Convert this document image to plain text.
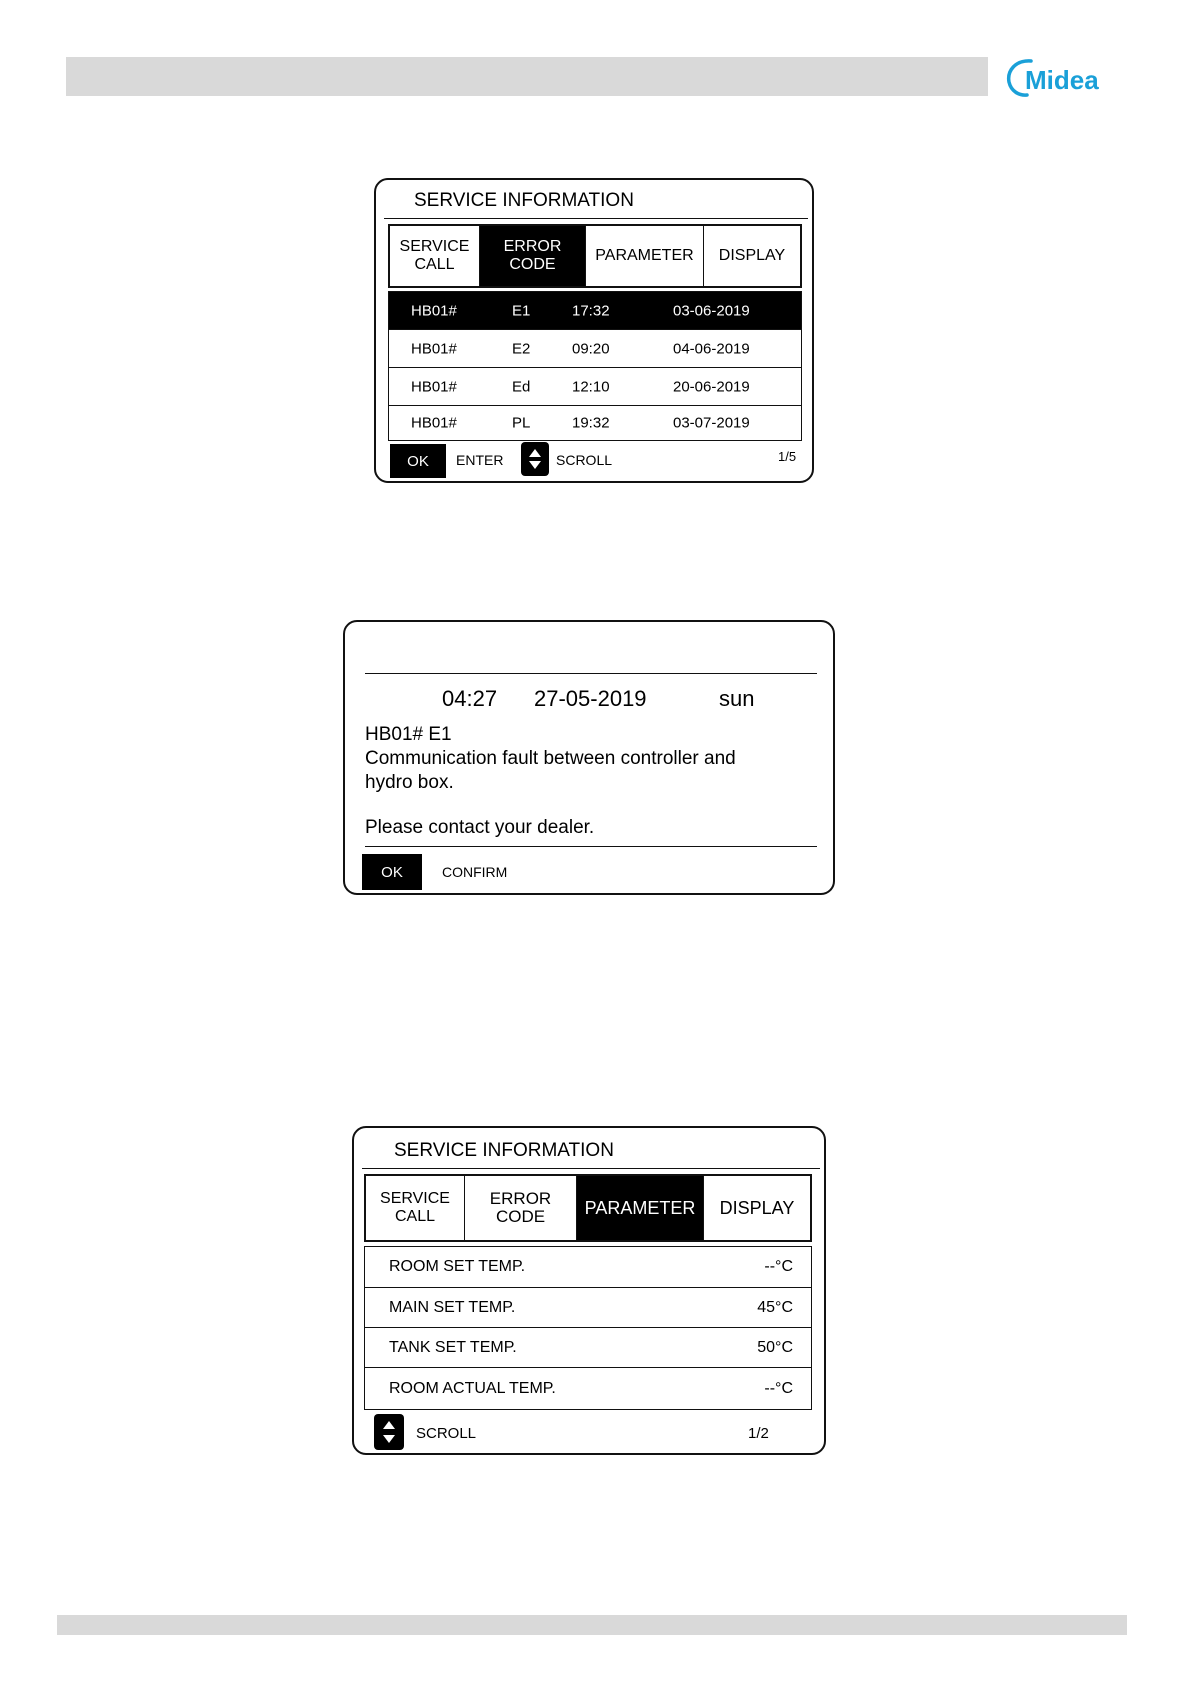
Midea
SERVICE INFORMATION
SERVICE
CALL
ERROR
CODE
PARAMETER	DISPLAY
HB01#	E1	17:32	03-06-2019
HB01#	E2	09:20	04-06-2019
HB01#	Ed	12:10	20-06-2019
HB01#	PL	19:32	03-07-2019
OK	ENTER	SCROLL	1/5
04:27 27-05-2019	sun
HB01# E1
Communication fault between controller and
hydro box.
Please contact your dealer.
OK	CONFIRM
SERVICE INFORMATION
SERVICE
CALL
ERROR
CODE	PARAMETER	DISPLAY
ROOM SET TEMP.	--°C
MAIN SET TEMP.	45°C
TANK SET TEMP.	50°C
ROOM ACTUAL TEMP.	--°C
SCROLL	1/2
